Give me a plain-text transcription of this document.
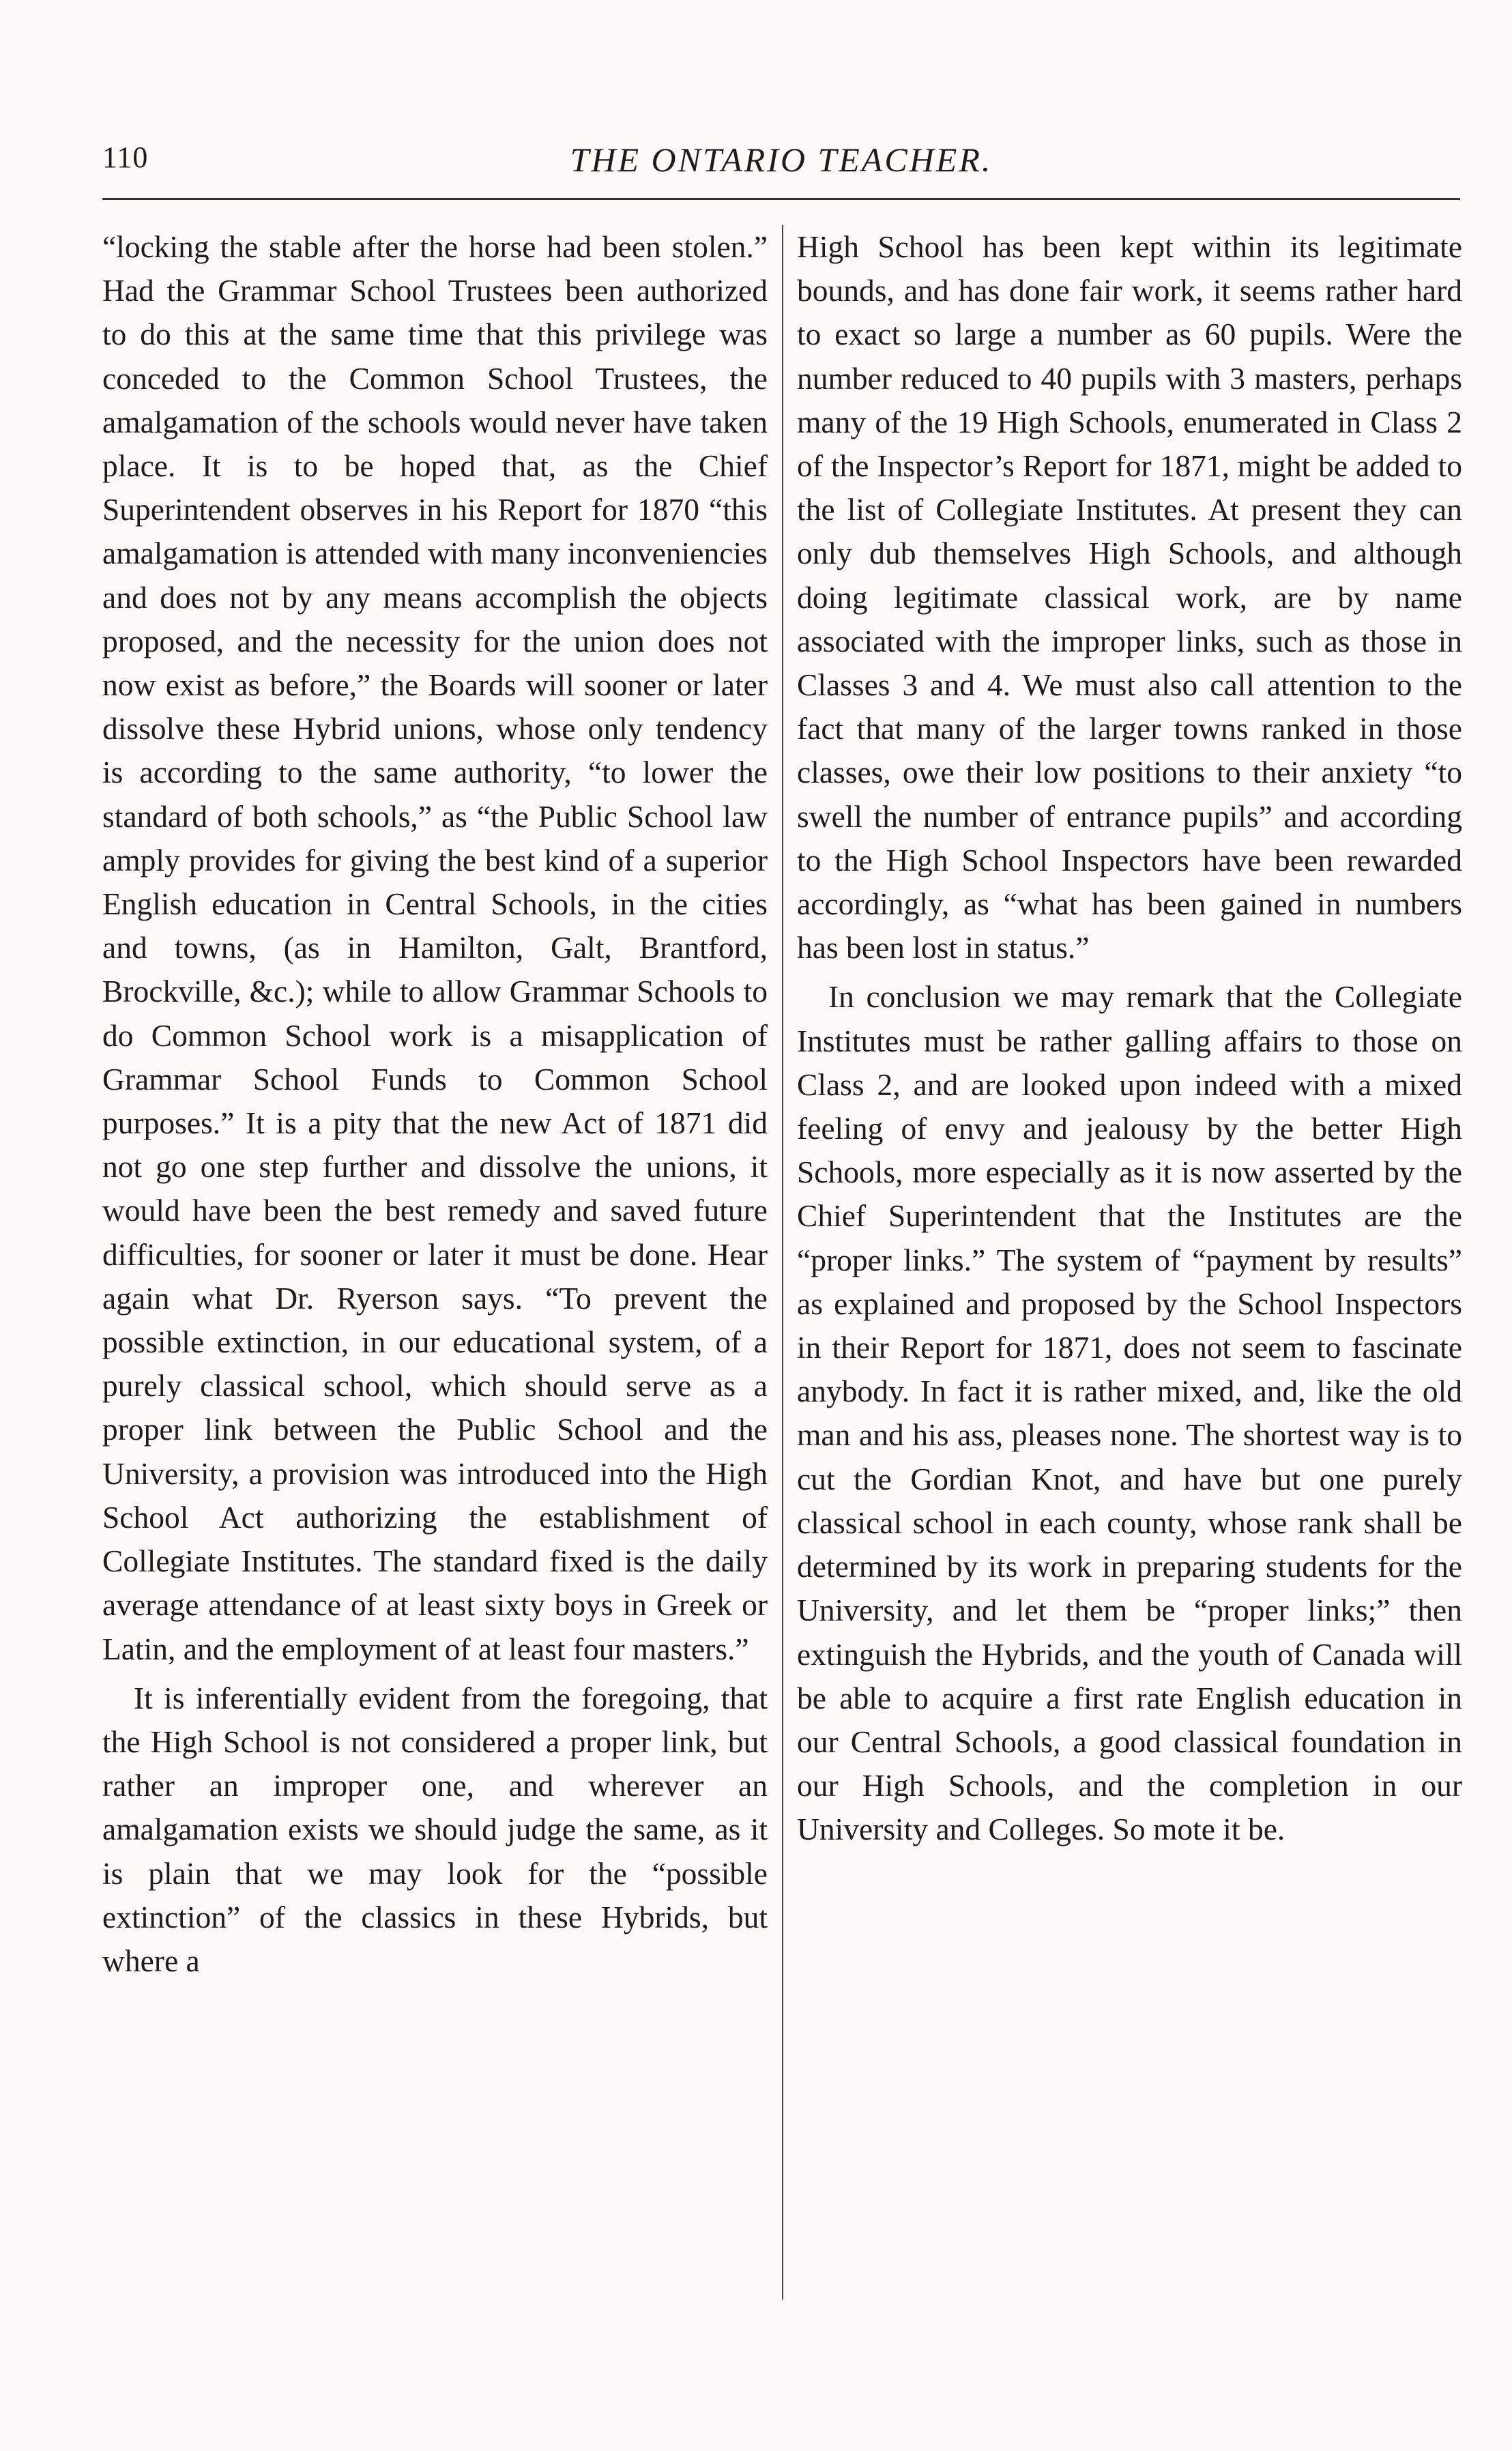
110	THE ONTARIO TEACHER.

“locking the stable after the horse had been stolen.” Had the Grammar School Trustees been authorized to do this at the same time that this privilege was conceded to the Common School Trustees, the amalgamation of the schools would never have taken place. It is to be hoped that, as the Chief Superintendent observes in his Report for 1870 “this amalgamation is attended with many inconveniencies and does not by any means accomplish the objects proposed, and the necessity for the union does not now exist as before,” the Boards will sooner or later dissolve these Hybrid unions, whose only tendency is according to the same authority, “to lower the standard of both schools,” as “the Public School law amply provides for giving the best kind of a superior English education in Central Schools, in the cities and towns, (as in Hamilton, Galt, Brantford, Brockville, &c.); while to allow Grammar Schools to do Common School work is a misapplication of Grammar School Funds to Common School purposes.” It is a pity that the new Act of 1871 did not go one step further and dissolve the unions, it would have been the best remedy and saved future difficulties, for sooner or later it must be done. Hear again what Dr. Ryerson says. “To prevent the possible extinction, in our educational system, of a purely classical school, which should serve as a proper link between the Public School and the University, a provision was introduced into the High School Act authorizing the establishment of Collegiate Institutes. The standard fixed is the daily average attendance of at least sixty boys in Greek or Latin, and the employment of at least four masters.”

It is inferentially evident from the foregoing, that the High School is not considered a proper link, but rather an improper one, and wherever an amalgamation exists we should judge the same, as it is plain that we may look for the “possible extinction” of the classics in these Hybrids, but where a

High School has been kept within its legitimate bounds, and has done fair work, it seems rather hard to exact so large a number as 60 pupils. Were the number reduced to 40 pupils with 3 masters, perhaps many of the 19 High Schools, enumerated in Class 2 of the Inspector’s Report for 1871, might be added to the list of Collegiate Institutes. At present they can only dub themselves High Schools, and although doing legitimate classical work, are by name associated with the improper links, such as those in Classes 3 and 4. We must also call attention to the fact that many of the larger towns ranked in those classes, owe their low positions to their anxiety “to swell the number of entrance pupils” and according to the High School Inspectors have been rewarded accordingly, as “what has been gained in numbers has been lost in status.”

In conclusion we may remark that the Collegiate Institutes must be rather galling affairs to those on Class 2, and are looked upon indeed with a mixed feeling of envy and jealousy by the better High Schools, more especially as it is now asserted by the Chief Superintendent that the Institutes are the “proper links.” The system of “payment by results” as explained and proposed by the School Inspectors in their Report for 1871, does not seem to fascinate anybody. In fact it is rather mixed, and, like the old man and his ass, pleases none. The shortest way is to cut the Gordian Knot, and have but one purely classical school in each county, whose rank shall be determined by its work in preparing students for the University, and let them be “proper links;” then extinguish the Hybrids, and the youth of Canada will be able to acquire a first rate English education in our Central Schools, a good classical foundation in our High Schools, and the completion in our University and Colleges. So mote it be.
